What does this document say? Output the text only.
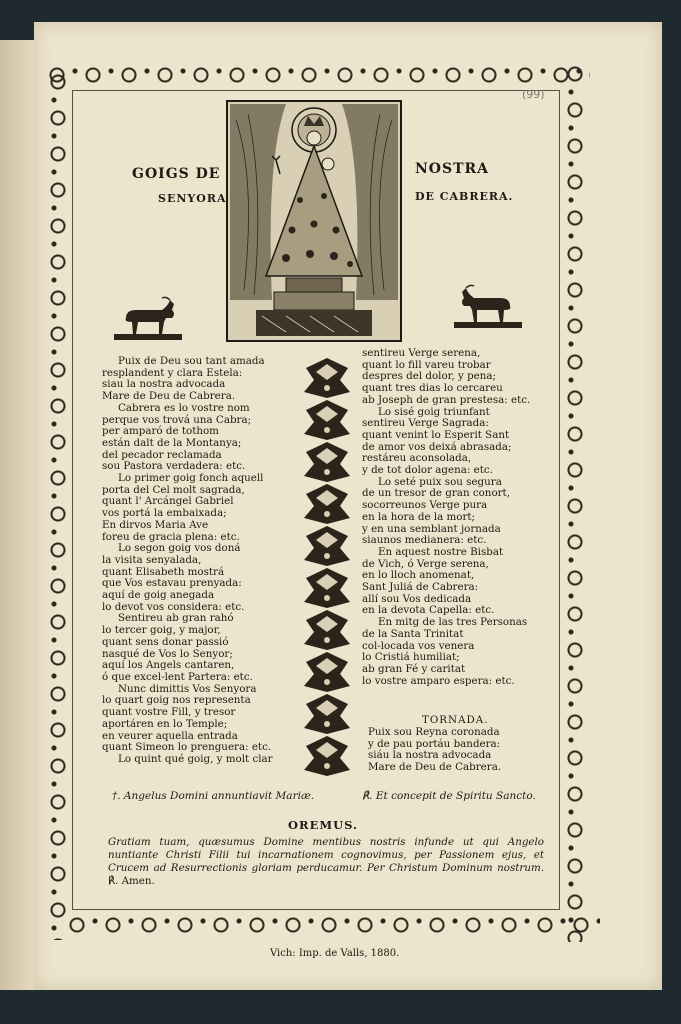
(99)
GOIGS DE
SENYORA
NOSTRA
DE CABRERA.
Puix de Deu sou tant amada
resplandent y clara Estela:
siau la nostra advocada
Mare de Deu de Cabrera.
Cabrera es lo vostre nom
perque vos trová una Cabra;
per amparó de tothom
están dalt de la Montanya;
del pecador reclamada
sou Pastora verdadera: etc.
Lo primer goig fonch aquell
porta del Cel molt sagrada,
quant l' Arcángel Gabriel
vos portá la embaixada;
En dirvos Maria Ave
foreu de gracia plena: etc.
Lo segon goig vos doná
la visita senyalada,
quant Elisabeth mostrá
que Vos estavau prenyada:
aquí de goig anegada
lo devot vos considera: etc.
Sentireu ab gran rahó
lo tercer goig, y major,
quant sens donar passió
nasqué de Vos lo Senyor;
aquí los Angels cantaren,
ó que excel-lent Partera: etc.
Nunc dimittis Vos Senyora
lo quart goig nos representa
quant vostre Fill, y tresor
aportáren en lo Temple;
en veurer aquella entrada
quant Simeon lo prenguera: etc.
Lo quint qué goig, y molt clar
sentireu Verge serena,
quant lo fill vareu trobar
despres del dolor, y pena;
quant tres dias lo cercareu
ab Joseph de gran prestesa: etc.
Lo sisé goig triunfant
sentireu Verge Sagrada:
quant venint lo Esperit Sant
de amor vos deixá abrasada;
restáreu aconsolada,
y de tot dolor agena: etc.
Lo seté puix sou segura
de un tresor de gran conort,
socorreunos Verge pura
en la hora de la mort;
y en una semblant jornada
siaunos medianera: etc.
En aquest nostre Bisbat
de Vich, ó Verge serena,
en lo lloch anomenat,
Sant Juliá de Cabrera:
allí sou Vos dedicada
en la devota Capella: etc.
En mitg de las tres Personas
de la Santa Trinitat
col-locada vos venera
lo Cristiá humiliat;
ab gran Fé y caritat
lo vostre amparo espera: etc.
TORNADA.
Puix sou Reyna coronada
y de pau portáu bandera:
siáu la nostra advocada
Mare de Deu de Cabrera.
†. Angelus Domini annuntiavit Mariæ.	℟. Et concepit de Spiritu Sancto.
OREMUS.
Gratiam tuam, quæsumus Domine mentibus nostris infunde ut qui Angelo nuntiante Christi Filii tui incarnationem cognovimus, per Passionem ejus, et Crucem ad Resurrectionis gloriam perducamur. Per Christum Dominum nostrum. ℟. Amen.
Vich: Imp. de Valls, 1880.
